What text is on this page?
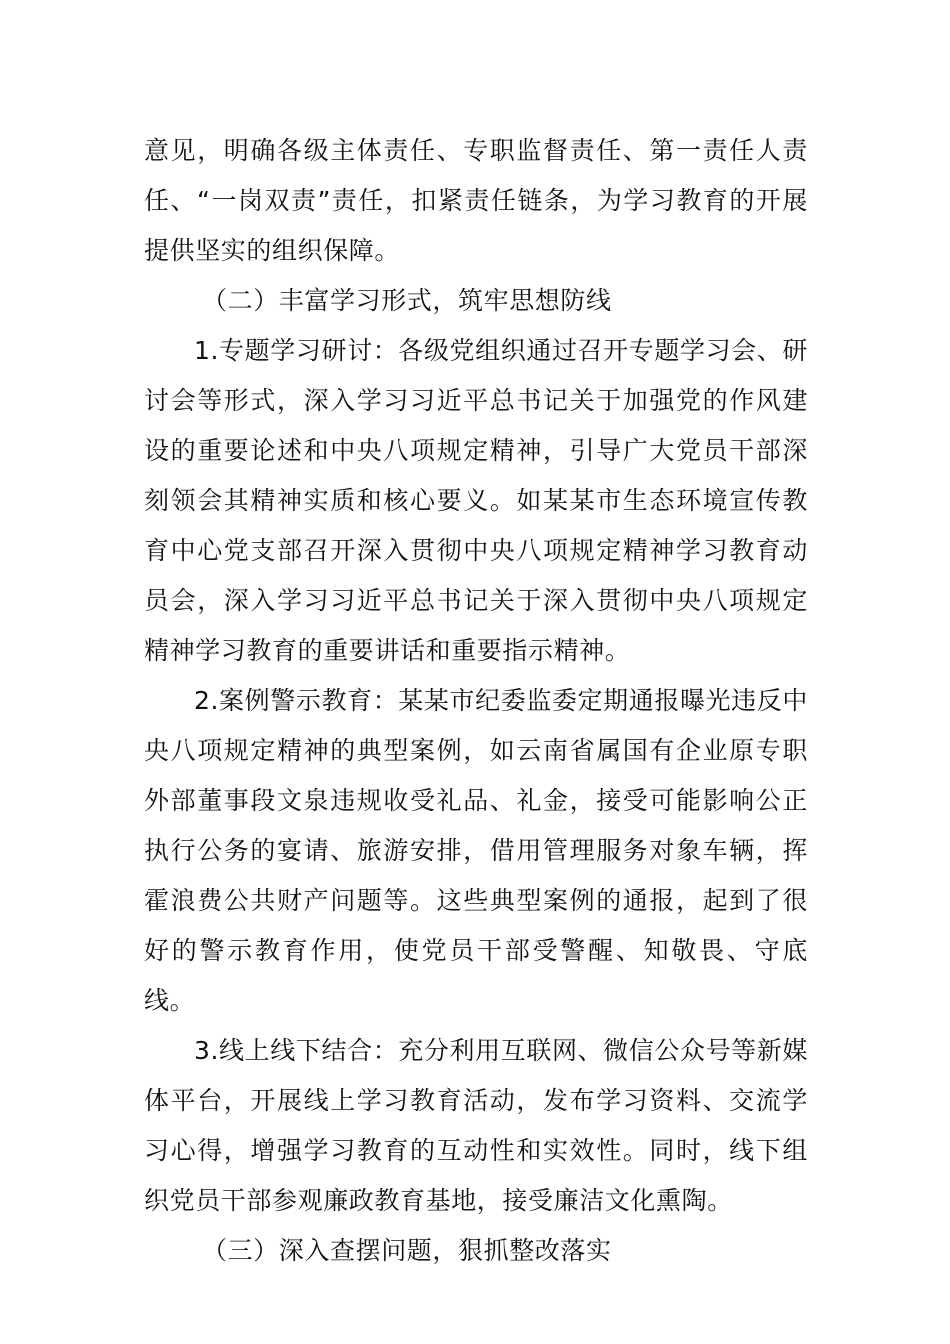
意见，明确各级主体责任、专职监督责任、第一责任人责任、“一岗双责”责任，扣紧责任链条，为学习教育的开展提供坚实的组织保障。

（二）丰富学习形式，筑牢思想防线

1.专题学习研讨：各级党组织通过召开专题学习会、研讨会等形式，深入学习习近平总书记关于加强党的作风建设的重要论述和中央八项规定精神，引导广大党员干部深刻领会其精神实质和核心要义。如某某市生态环境宣传教育中心党支部召开深入贯彻中央八项规定精神学习教育动员会，深入学习习近平总书记关于深入贯彻中央八项规定精神学习教育的重要讲话和重要指示精神。

2.案例警示教育：某某市纪委监委定期通报曝光违反中央八项规定精神的典型案例，如云南省属国有企业原专职外部董事段文泉违规收受礼品、礼金，接受可能影响公正执行公务的宴请、旅游安排，借用管理服务对象车辆，挥霍浪费公共财产问题等。这些典型案例的通报，起到了很好的警示教育作用，使党员干部受警醒、知敬畏、守底线。

3.线上线下结合：充分利用互联网、微信公众号等新媒体平台，开展线上学习教育活动，发布学习资料、交流学习心得，增强学习教育的互动性和实效性。同时，线下组织党员干部参观廉政教育基地，接受廉洁文化熏陶。

（三）深入查摆问题，狠抓整改落实
